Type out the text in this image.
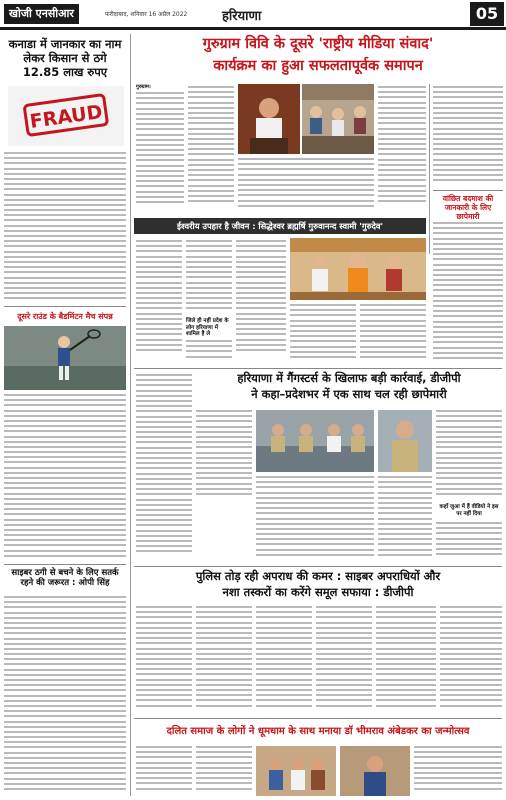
खोजी एनसीआर	फरीदाबाद, शनिवार 16 अप्रैल 2022	हरियाणा	05
कनाडा में जानकार का नाम लेकर किसान से ठगे 12.85 लाख रुपए
FRAUD
दूसरे राउंड के बैडमिंटन मैच संपन्न
साइबर ठगी से बचने के लिए सतर्क रहने की जरूरत : ओपी सिंह
गुरुग्राम विवि के दूसरे 'राष्ट्रीय मीडिया संवाद'
कार्यक्रम का हुआ सफलतापूर्वक समापन
गुरुग्राम।
वांछित बदमाश की जानकारी के लिए छापेमारी
ईश्वरीय उपहार है जीवन : सिद्धेश्वर ब्रह्मर्षि गुरुवानन्द स्वामी 'गुरुदेव'
जिले ही नहीं प्रदेश के लोग हरियाणा में शामिल है ले
हरियाणा में गैंगस्टर्स के खिलाफ बड़ी कार्रवाई, डीजीपी
ने कहा–प्रदेशभर में एक साथ चल रही छापेमारी
कहाँ जुआ में हैं वीडियो ने इस पर नहीं दिया
पुलिस तोड़ रही अपराध की कमर : साइबर अपराधियों और
नशा तस्करों का करेंगे समूल सफाया : डीजीपी
दलित समाज के लोगों ने धूमधाम के साथ मनाया डॉ भीमराव अंबेडकर का जन्मोत्सव
